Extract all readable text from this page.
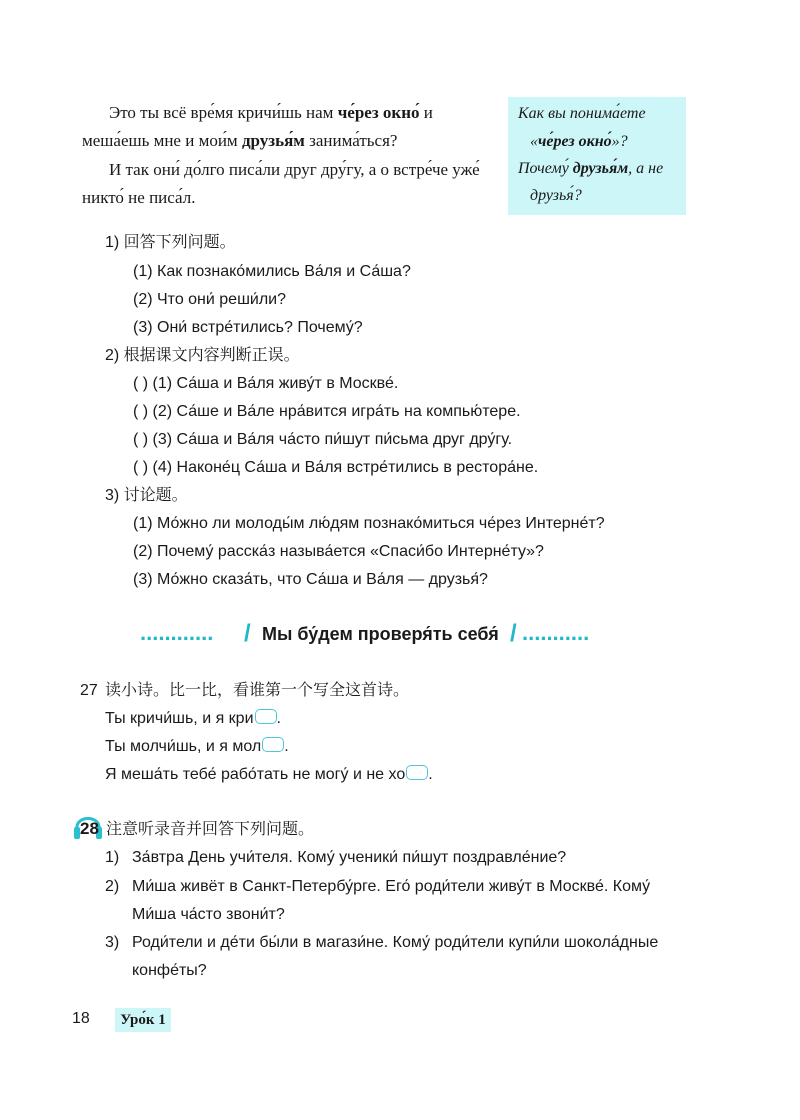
Это ты всё вре́мя кричи́шь нам че́рез окно́ и
меша́ешь мне и мои́м друзья́м занима́ться?
И так они́ до́лго писа́ли друг дру́гу, а о встре́че уже́
никто́ не писа́л.
Как вы понима́ете
«че́рез окно́»?
Почему́ друзья́м, а не
друзья́?
1) 回答下列问题。
(1) Как познако́мились Ва́ля и Са́ша?
(2) Что они́ реши́ли?
(3) Они́ встре́тились? Почему́?
2) 根据课文内容判断正误。
( ) (1) Са́ша и Ва́ля живу́т в Москве́.
( ) (2) Са́ше и Ва́ле нра́вится игра́ть на компью́тере.
( ) (3) Са́ша и Ва́ля ча́сто пи́шут пи́сьма друг дру́гу.
( ) (4) Наконе́ц Са́ша и Ва́ля встре́тились в рестора́не.
3) 讨论题。
(1) Мо́жно ли молоды́м лю́дям познако́миться че́рез Интерне́т?
(2) Почему́ расска́з называ́ется «Спаси́бо Интерне́ту»?
(3) Мо́жно сказа́ть, что Са́ша и Ва́ля — друзья́?
............ / Мы бу́дем проверя́ть себя́ / ...........
27 读小诗。比一比，看谁第一个写全这首诗。
Ты кричи́шь, и я кри .
Ты молчи́шь, и я мол .
Я меша́ть тебе́ рабо́тать не могу́ и не хо .
28 注意听录音并回答下列问题。
1) За́втра День учи́теля. Кому́ ученики́ пи́шут поздравле́ние?
2) Ми́ша живёт в Санкт-Петербу́рге. Его́ роди́тели живу́т в Москве́. Кому́
Ми́ша ча́сто звони́т?
3) Роди́тели и де́ти бы́ли в магази́не. Кому́ роди́тели купи́ли шокола́дные
конфе́ты?
18	Уро́к 1
